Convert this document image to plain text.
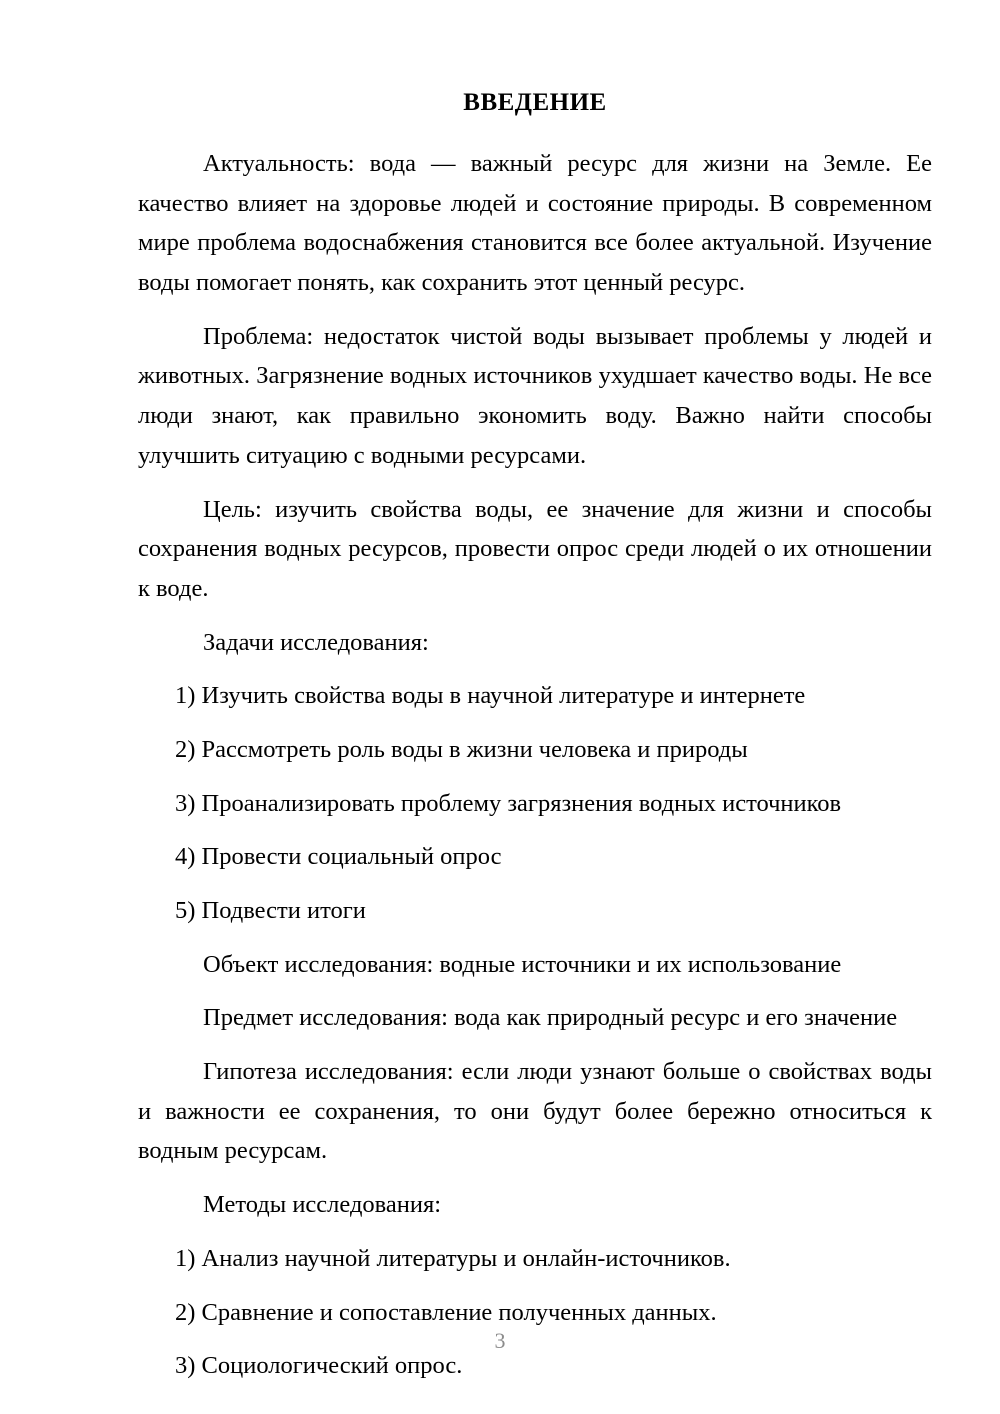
ВВЕДЕНИЕ

Актуальность: вода — важный ресурс для жизни на Земле. Ее качество влияет на здоровье людей и состояние природы. В современном мире проблема водоснабжения становится все более актуальной. Изучение воды помогает понять, как сохранить этот ценный ресурс.

Проблема: недостаток чистой воды вызывает проблемы у людей и животных. Загрязнение водных источников ухудшает качество воды. Не все люди знают, как правильно экономить воду. Важно найти способы улучшить ситуацию с водными ресурсами.

Цель: изучить свойства воды, ее значение для жизни и способы сохранения водных ресурсов, провести опрос среди людей о их отношении к воде.

Задачи исследования:

1) Изучить свойства воды в научной литературе и интернете
2) Рассмотреть роль воды в жизни человека и природы
3) Проанализировать проблему загрязнения водных источников
4) Провести социальный опрос
5) Подвести итоги

Объект исследования: водные источники и их использование

Предмет исследования: вода как природный ресурс и его значение

Гипотеза исследования: если люди узнают больше о свойствах воды и важности ее сохранения, то они будут более бережно относиться к водным ресурсам.

Методы исследования:

1) Анализ научной литературы и онлайн-источников.
2) Сравнение и сопоставление полученных данных.
3) Социологический опрос.
3
